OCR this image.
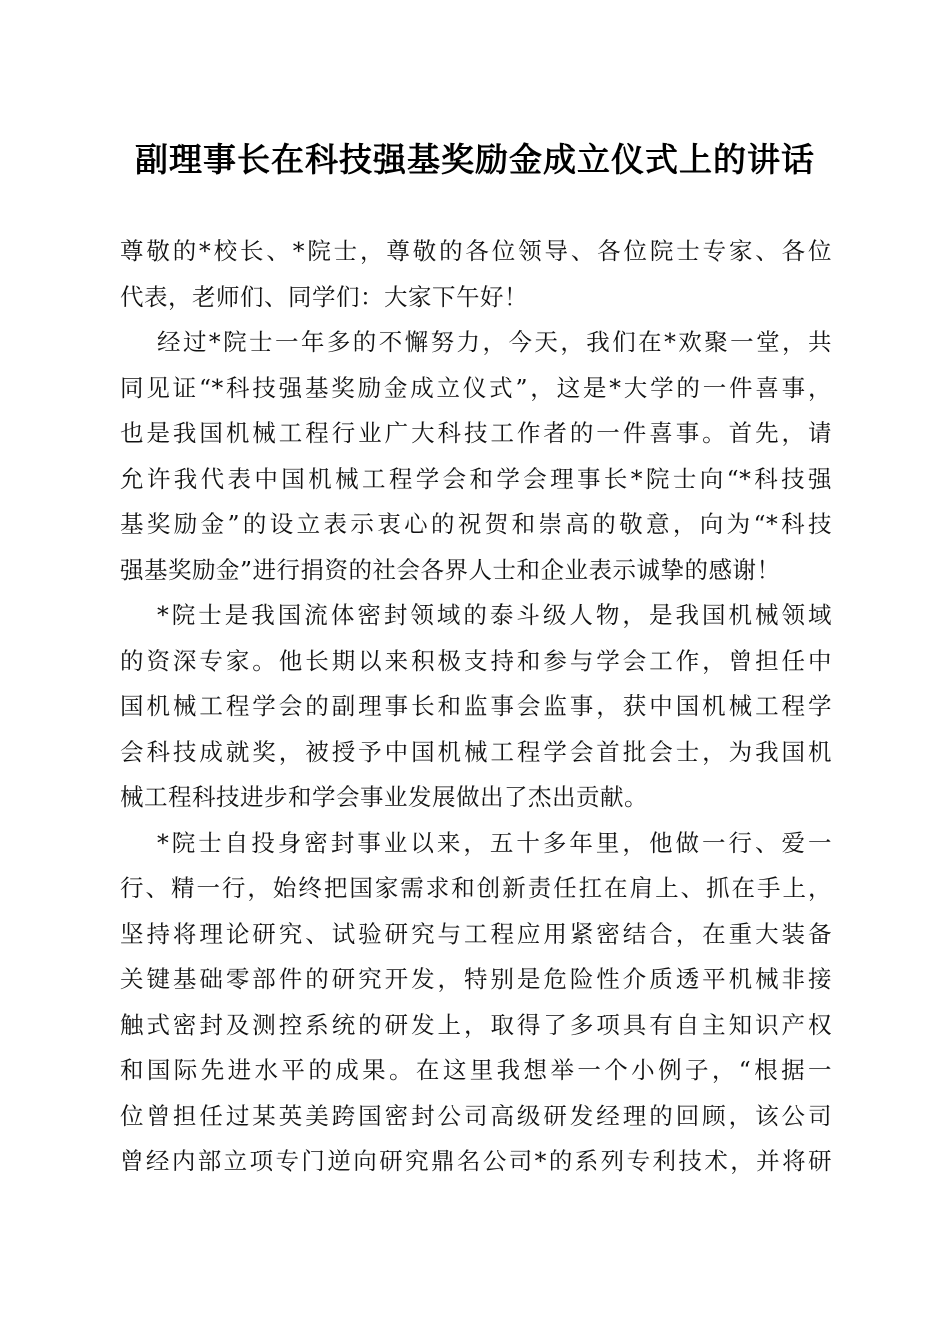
副理事长在科技强基奖励金成立仪式上的讲话
尊敬的*校长、*院士，尊敬的各位领导、各位院士专家、各位
代表，老师们、同学们：大家下午好！
经过*院士一年多的不懈努力，今天，我们在*欢聚一堂，共
同见证“*科技强基奖励金成立仪式”，这是*大学的一件喜事，
也是我国机械工程行业广大科技工作者的一件喜事。首先，请
允许我代表中国机械工程学会和学会理事长*院士向“*科技强
基奖励金”的设立表示衷心的祝贺和崇高的敬意，向为“*科技
强基奖励金”进行捐资的社会各界人士和企业表示诚挚的感谢！
*院士是我国流体密封领域的泰斗级人物，是我国机械领域
的资深专家。他长期以来积极支持和参与学会工作，曾担任中
国机械工程学会的副理事长和监事会监事，获中国机械工程学
会科技成就奖，被授予中国机械工程学会首批会士，为我国机
械工程科技进步和学会事业发展做出了杰出贡献。
*院士自投身密封事业以来，五十多年里，他做一行、爱一
行、精一行，始终把国家需求和创新责任扛在肩上、抓在手上，
坚持将理论研究、试验研究与工程应用紧密结合，在重大装备
关键基础零部件的研究开发，特别是危险性介质透平机械非接
触式密封及测控系统的研发上，取得了多项具有自主知识产权
和国际先进水平的成果。在这里我想举一个小例子，“根据一
位曾担任过某英美跨国密封公司高级研发经理的回顾，该公司
曾经内部立项专门逆向研究鼎名公司*的系列专利技术，并将研
